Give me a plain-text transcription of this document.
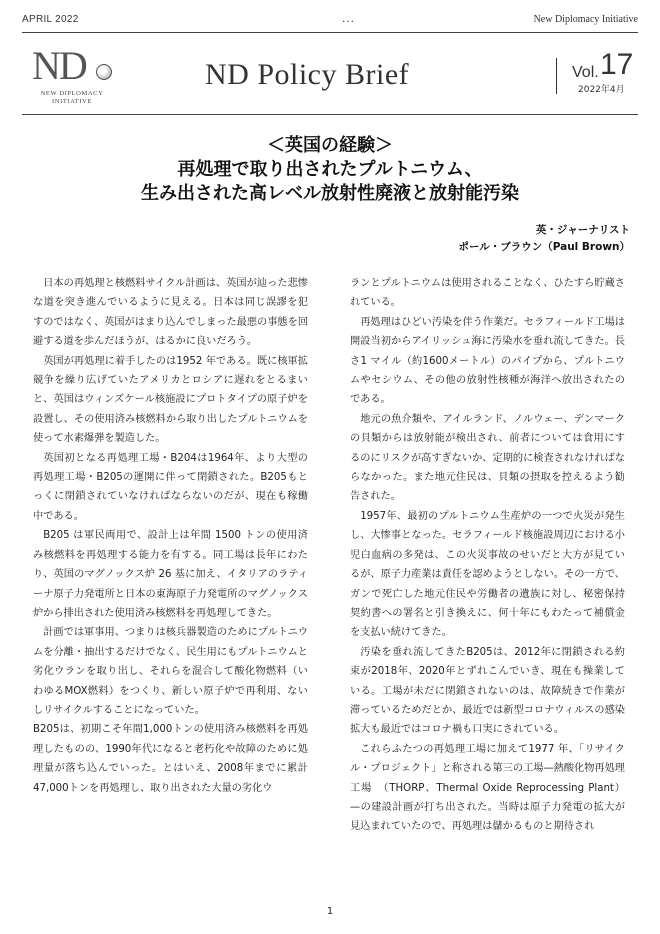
APRIL 2022	...	New Diplomacy Initiative
ND
NEW DIPLOMACY
INITIATIVE
ND Policy Brief	Vol. 17
2022年4月
＜英国の経験＞
再処理で取り出されたプルトニウム、
生み出された高レベル放射性廃液と放射能汚染
英・ジャーナリスト
ポール・ブラウン（Paul Brown）

日本の再処理と核燃料サイクル計画は、英国が辿った悲惨な道を突き進んでいるように見える。日本は同じ誤謬を犯すのではなく、英国がはまり込んでしまった最悪の事態を回避する道を歩んだほうが、はるかに良いだろう。

英国が再処理に着手したのは1952 年である。既に核軍拡競争を繰り広げていたアメリカとロシアに遅れをとるまいと、英国はウィンズケール核施設にプロトタイプの原子炉を設置し、その使用済み核燃料から取り出したプルトニウムを使って水素爆弾を製造した。

英国初となる再処理工場・B204は1964年、より大型の再処理工場・B205の運開に伴って閉鎖された。B205もとっくに閉鎖されていなければならないのだが、現在も稼働中である。

B205 は軍民両用で、設計上は年間 1500 トンの使用済み核燃料を再処理する能力を有する。同工場は長年にわたり、英国のマグノックス炉 26 基に加え、イタリアのラティーナ原子力発電所と日本の東海原子力発電所のマグノックス炉から排出された使用済み核燃料を再処理してきた。

計画では軍事用、つまりは核兵器製造のためにプルトニウムを分離・抽出するだけでなく、民生用にもプルトニウムと劣化ウランを取り出し、それらを混合して酸化物燃料（いわゆるMOX燃料）をつくり、新しい原子炉で再利用、ないしリサイクルすることになっていた。

B205は、初期こそ年間1,000トンの使用済み核燃料を再処理したものの、1990年代になると老朽化や故障のために処理量が落ち込んでいった。とはいえ、2008年までに累計47,000トンを再処理し、取り出された大量の劣化ウ

ランとプルトニウムは使用されることなく、ひたすら貯蔵されている。

再処理はひどい汚染を伴う作業だ。セラフィールド工場は開設当初からアイリッシュ海に汚染水を垂れ流してきた。長さ1 マイル（約1600メートル）のパイプから、プルトニウムやセシウム、その他の放射性核種が海洋へ放出されたのである。

地元の魚介類や、アイルランド、ノルウェー、デンマークの貝類からは放射能が検出され、前者については食用にするのにリスクが高すぎないか、定期的に検査されなければならなかった。また地元住民は、貝類の摂取を控えるよう勧告された。

1957年、最初のプルトニウム生産炉の一つで火災が発生し、大惨事となった。セラフィールド核施設周辺における小児白血病の多発は、この火災事故のせいだと大方が見ているが、原子力産業は責任を認めようとしない。その一方で、ガンで死亡した地元住民や労働者の遺族に対し、秘密保持契約書への署名と引き換えに、何十年にもわたって補償金を支払い続けてきた。

汚染を垂れ流してきたB205は、2012年に閉鎖される約束が2018年、2020年とずれこんでいき、現在も操業している。工場が未だに閉鎖されないのは、故障続きで作業が滞っているためだとか、最近では新型コロナウィルスの感染拡大も最近ではコロナ禍も口実にされている。

これらふたつの再処理工場に加えて1977 年、「リサイクル・プロジェクト」と称される第三の工場—熱酸化物再処理工場　（THORP、Thermal Oxide Reprocessing Plant）—の建設計画が打ち出された。当時は原子力発電の拡大が見込まれていたので、再処理は儲かるものと期待され

1
